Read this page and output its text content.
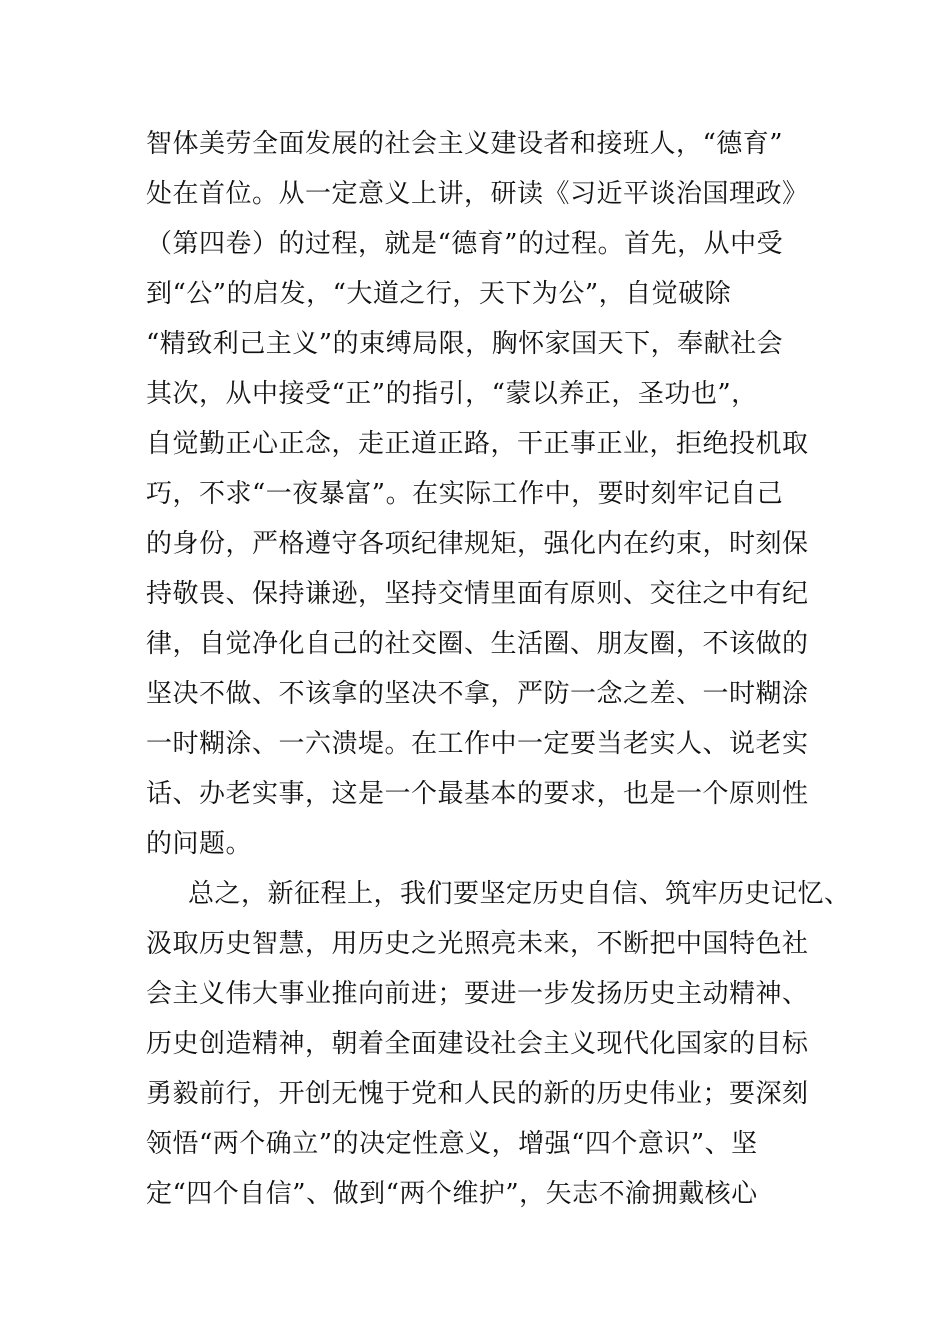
智体美劳全面发展的社会主义建设者和接班人，“德育”
处在首位。从一定意义上讲，研读《习近平谈治国理政》
（第四卷）的过程，就是“德育”的过程。首先，从中受
到“公”的启发，“大道之行，天下为公”，自觉破除
“精致利己主义”的束缚局限，胸怀家国天下，奉献社会
其次，从中接受“正”的指引，“蒙以养正，圣功也”，
自觉勤正心正念，走正道正路，干正事正业，拒绝投机取
巧，不求“一夜暴富”。在实际工作中，要时刻牢记自己
的身份，严格遵守各项纪律规矩，强化内在约束，时刻保
持敬畏、保持谦逊，坚持交情里面有原则、交往之中有纪
律，自觉净化自己的社交圈、生活圈、朋友圈，不该做的
坚决不做、不该拿的坚决不拿，严防一念之差、一时糊涂
一时糊涂、一六溃堤。在工作中一定要当老实人、说老实
话、办老实事，这是一个最基本的要求，也是一个原则性
的问题。
总之，新征程上，我们要坚定历史自信、筑牢历史记忆、
汲取历史智慧，用历史之光照亮未来，不断把中国特色社
会主义伟大事业推向前进；要进一步发扬历史主动精神、
历史创造精神，朝着全面建设社会主义现代化国家的目标
勇毅前行，开创无愧于党和人民的新的历史伟业；要深刻
领悟“两个确立”的决定性意义，增强“四个意识”、坚
定“四个自信”、做到“两个维护”，矢志不渝拥戴核心
